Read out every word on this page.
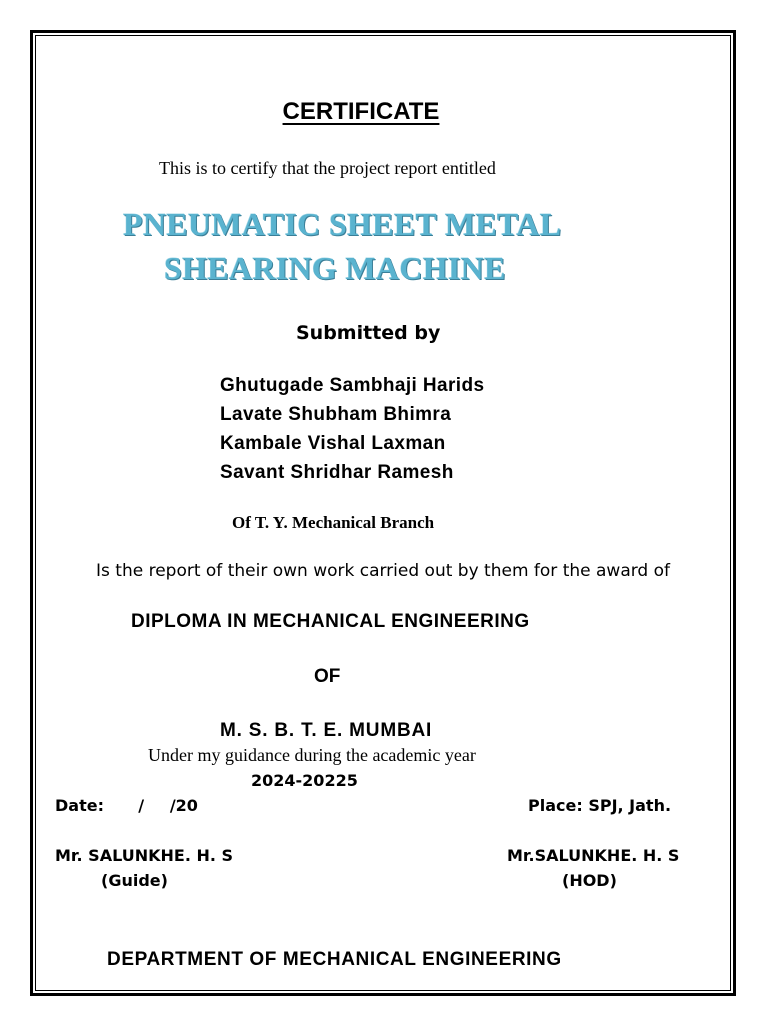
CERTIFICATE

This is to certify that the project report entitled

PNEUMATIC SHEET METAL

SHEARING MACHINE

Submitted by

Ghutugade Sambhaji Harids

Lavate Shubham Bhimra

Kambale Vishal Laxman

Savant Shridhar Ramesh

Of T. Y. Mechanical Branch

Is the report of their own work carried out by them for the award of

DIPLOMA IN MECHANICAL ENGINEERING

OF

M. S. B. T. E. MUMBAI

Under my guidance during the academic year

2024-20225

Date:    /   /20	Place: SPJ, Jath.

Mr. SALUNKHE. H. S

(Guide)

Mr.SALUNKHE. H. S

(HOD)

DEPARTMENT OF MECHANICAL ENGINEERING
